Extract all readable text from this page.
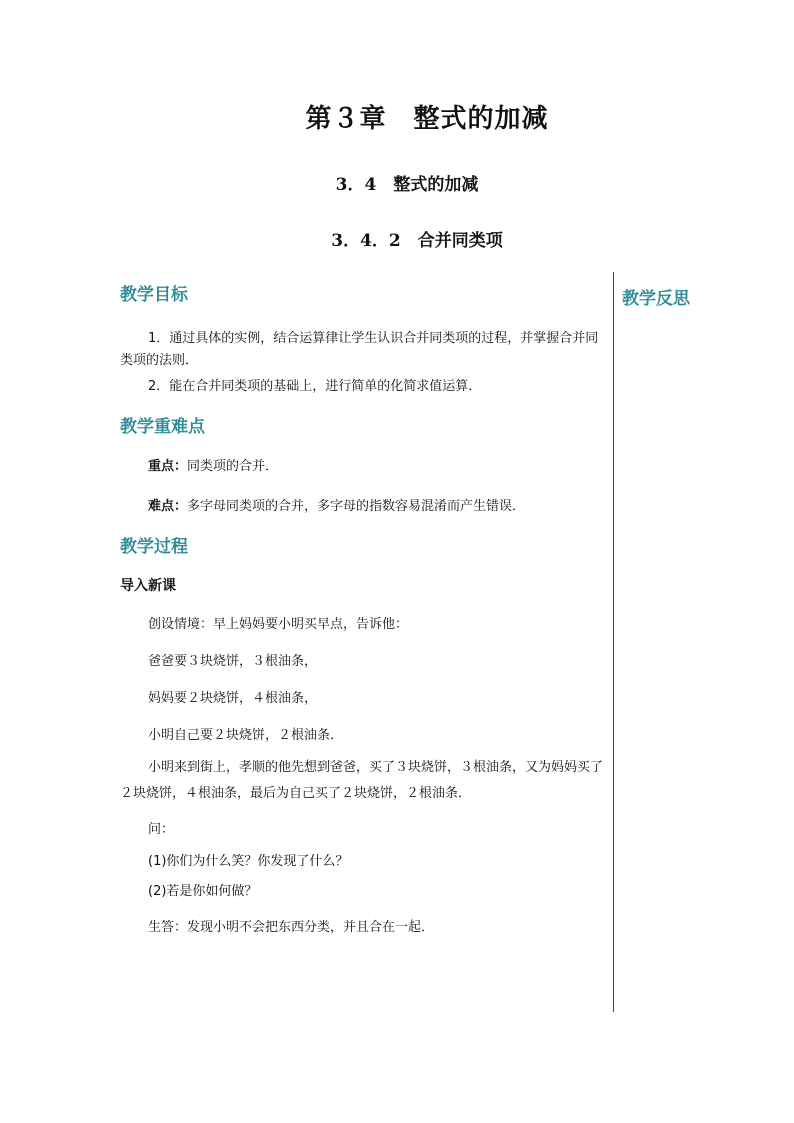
第３章　整式的加减
3．4　整式的加减
3．4．2　合并同类项
教学反思
教学目标
1．通过具体的实例，结合运算律让学生认识合并同类项的过程，并掌握合并同类项的法则．
2．能在合并同类项的基础上，进行简单的化简求值运算．
教学重难点
重点：同类项的合并．
难点：多字母同类项的合并，多字母的指数容易混淆而产生错误．
教学过程
导入新课
创设情境：早上妈妈要小明买早点，告诉他：
爸爸要３块烧饼，３根油条，
妈妈要２块烧饼，４根油条，
小明自己要２块烧饼，２根油条．
小明来到街上，孝顺的他先想到爸爸，买了３块烧饼，３根油条，又为妈妈买了２块烧饼，４根油条，最后为自己买了２块烧饼，２根油条．
问：
(1)你们为什么笑？你发现了什么？
(2)若是你如何做？
生答：发现小明不会把东西分类，并且合在一起．
